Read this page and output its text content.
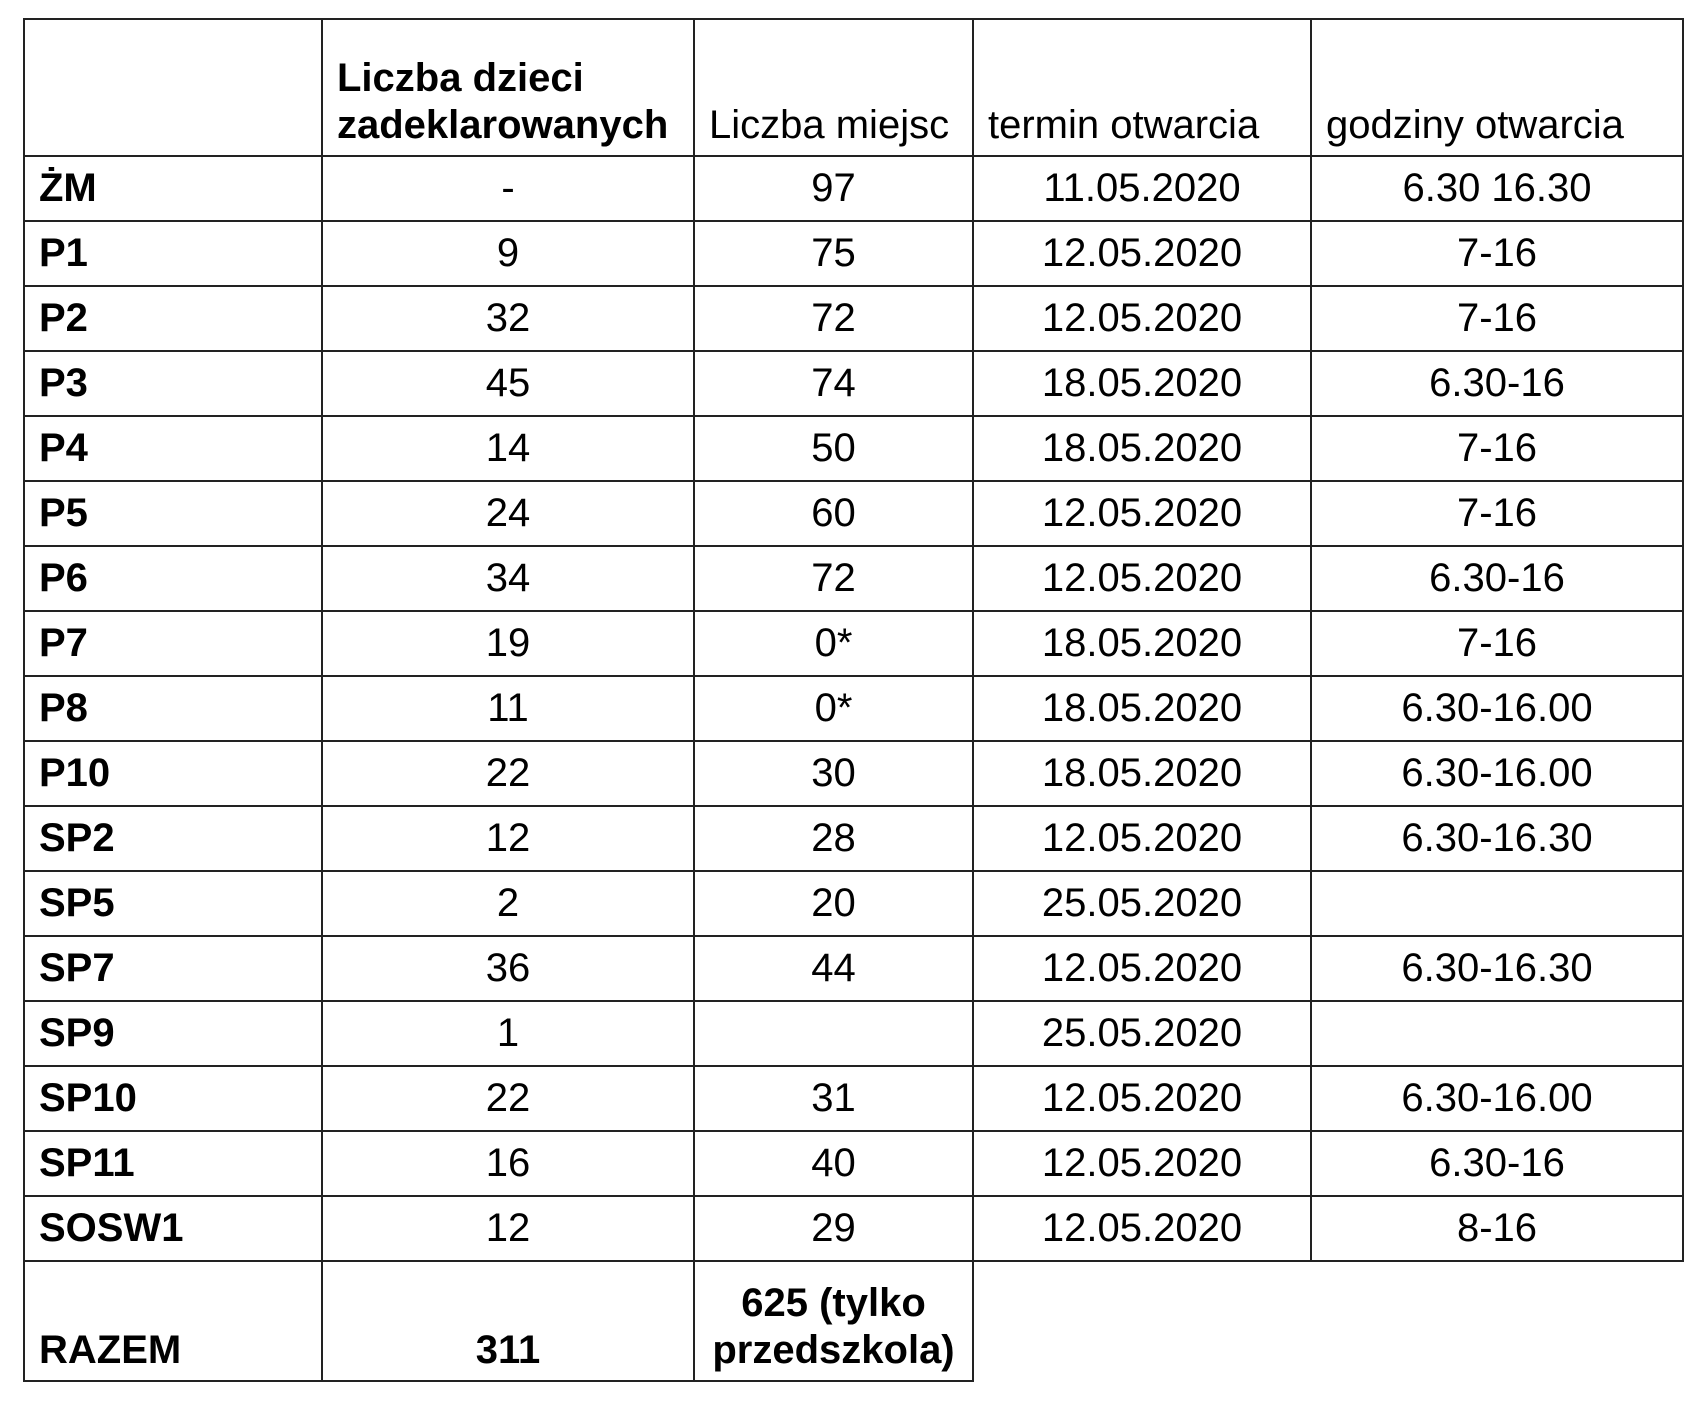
	Liczba dzieci zadeklarowanych	Liczba miejsc	termin otwarcia	godziny otwarcia
ŻM	-	97	11.05.2020	6.30 16.30
P1	9	75	12.05.2020	7-16
P2	32	72	12.05.2020	7-16
P3	45	74	18.05.2020	6.30-16
P4	14	50	18.05.2020	7-16
P5	24	60	12.05.2020	7-16
P6	34	72	12.05.2020	6.30-16
P7	19	0*	18.05.2020	7-16
P8	11	0*	18.05.2020	6.30-16.00
P10	22	30	18.05.2020	6.30-16.00
SP2	12	28	12.05.2020	6.30-16.30
SP5	2	20	25.05.2020	
SP7	36	44	12.05.2020	6.30-16.30
SP9	1		25.05.2020	
SP10	22	31	12.05.2020	6.30-16.00
SP11	16	40	12.05.2020	6.30-16
SOSW1	12	29	12.05.2020	8-16
RAZEM	311	625 (tylko przedszkola)		
